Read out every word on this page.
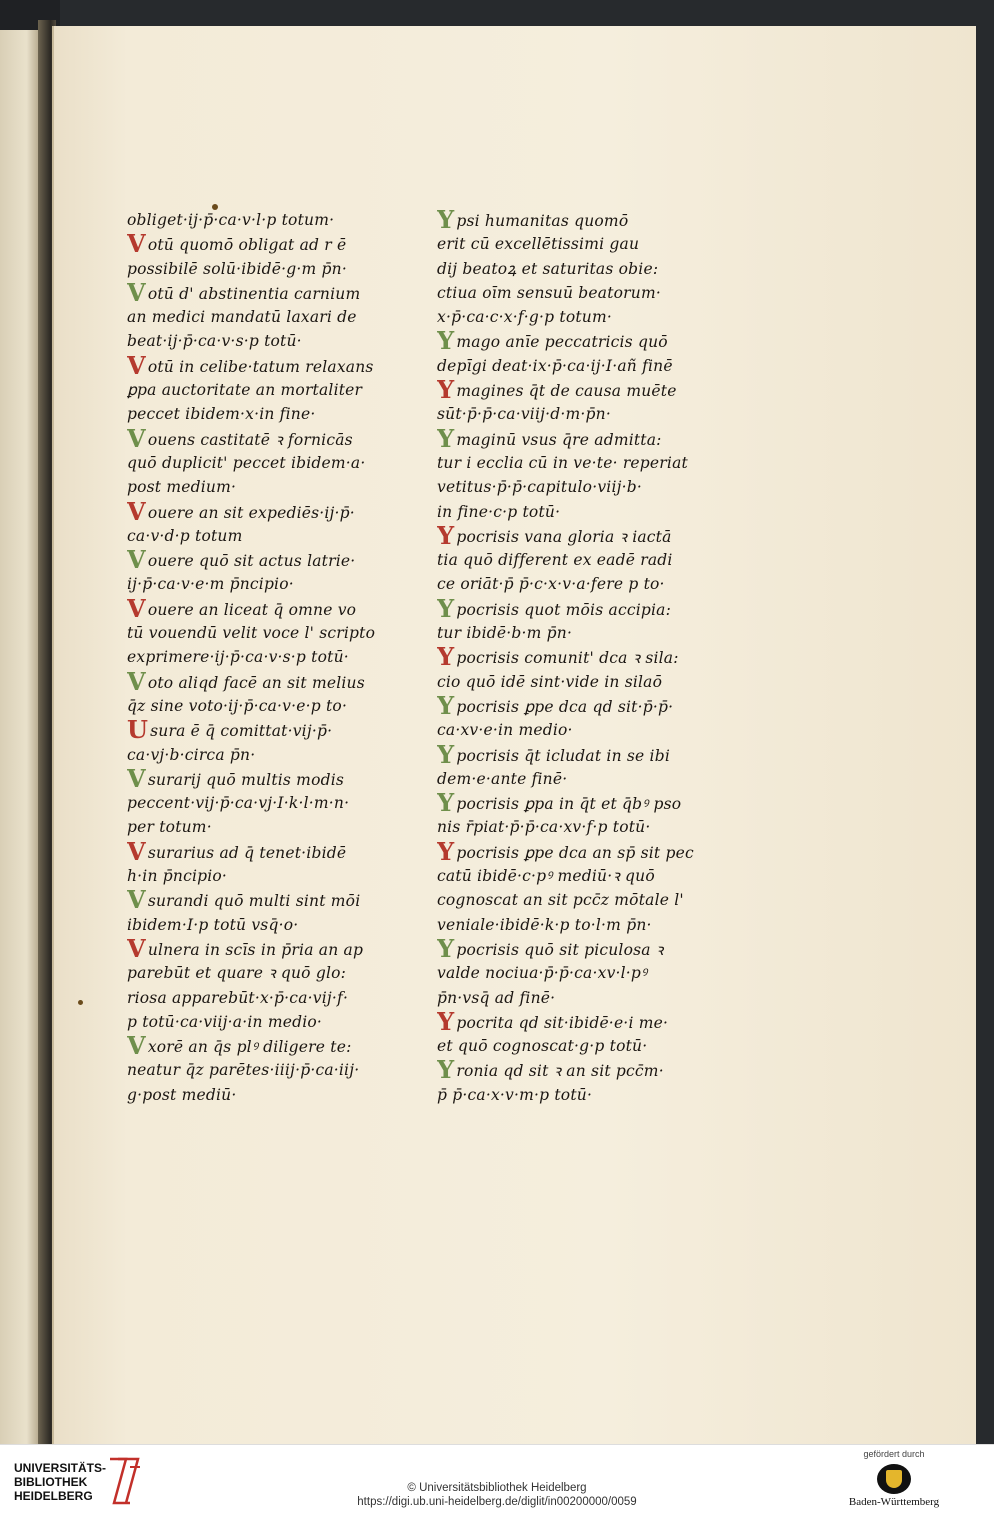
obliget·ij·p̄·ca·v·l·p totum·
Votū quomō obligat ad r ē
possibilē solū·ibidē·g·m p̄n·
Votū d' abstinentia carnium
an medici mandatū laxari de
beat·ij·p̄·ca·v·s·p totū·
Votū in celibe·tatum relaxans
ꝑpa auctoritate an mortaliter
peccet ibidem·x·in fine·
Vouens castitatē ꝛ fornicās
quō duplicit' peccet ibidem·a·
post medium·
Vouere an sit expediēs·ij·p̄·
ca·v·d·p totum
Vouere quō sit actus latrie·
ij·p̄·ca·v·e·m p̄ncipio·
Vouere an liceat q̄ omne vo
tū vouendū velit voce l' scripto
exprimere·ij·p̄·ca·v·s·p totū·
Voto aliqd facē an sit melius
q̄z sine voto·ij·p̄·ca·v·e·p to·
Usura ē q̄ comittat·vij·p̄·
ca·vj·b·circa p̄n·
Vsurarij quō multis modis
peccent·vij·p̄·ca·vj·I·k·l·m·n·
per totum·
Vsurarius ad q̄ tenet·ibidē
h·in p̄ncipio·
Vsurandi quō multi sint mōi
ibidem·I·p totū vsq̄·o·
Vulnera in scīs in p̄ria an ap
parebūt et quare ꝛ quō glo:
riosa apparebūt·x·p̄·ca·vij·f·
p totū·ca·viij·a·in medio·
Vxorē an q̄s plꝰ diligere te:
neatur q̄z parētes·iiij·p̄·ca·iij·
g·post mediū·
Ypsi humanitas quomō
erit cū excellētissimi gau
dij beatoꝝ et saturitas obie:
ctiua oīm sensuū beatorum·
x·p̄·ca·c·x·f·g·p totum·
Ymago anīe peccatricis quō
depīgi deat·ix·p̄·ca·ij·I·añ finē
Ymagines q̄t de causa muēte
sūt·p̄·p̄·ca·viij·d·m·p̄n·
Ymaginū vsus q̄re admitta:
tur i ecclia cū in ve·te· reperiat
vetitus·p̄·p̄·capitulo·viij·b·
in fine·c·p totū·
Ypocrisis vana gloria ꝛ iactā
tia quō different ex eadē radi
ce oriāt·p̄ p̄·c·x·v·a·fere p to·
Ypocrisis quot mōis accipia:
tur ibidē·b·m p̄n·
Ypocrisis comunit' dca ꝛ sila:
cio quō idē sint·vide in silaō
Ypocrisis ꝑpe dca qd sit·p̄·p̄·
ca·xv·e·in medio·
Ypocrisis q̄t icludat in se ibi
dem·e·ante finē·
Ypocrisis ꝑpa in q̄t et q̄bꝰ pso
nis r̄piat·p̄·p̄·ca·xv·f·p totū·
Ypocrisis ꝑpe dca an sp̄ sit pec
catū ibidē·c·pꝰ mediū·ꝛ quō
cognoscat an sit pcc̄z mōtale l'
veniale·ibidē·k·p to·l·m p̄n·
Ypocrisis quō sit piculosa ꝛ
valde nociua·p̄·p̄·ca·xv·l·pꝰ
p̄n·vsq̄ ad finē·
Ypocrita qd sit·ibidē·e·i me·
et quō cognoscat·g·p totū·
Yronia qd sit ꝛ an sit pcc̄m·
p̄ p̄·ca·x·v·m·p totū·
UNIVERSITÄTS-
BIBLIOTHEK
HEIDELBERG
© Universitätsbibliothek Heidelberg
https://digi.ub.uni-heidelberg.de/diglit/in00200000/0059
gefördert durch
Baden-Württemberg
